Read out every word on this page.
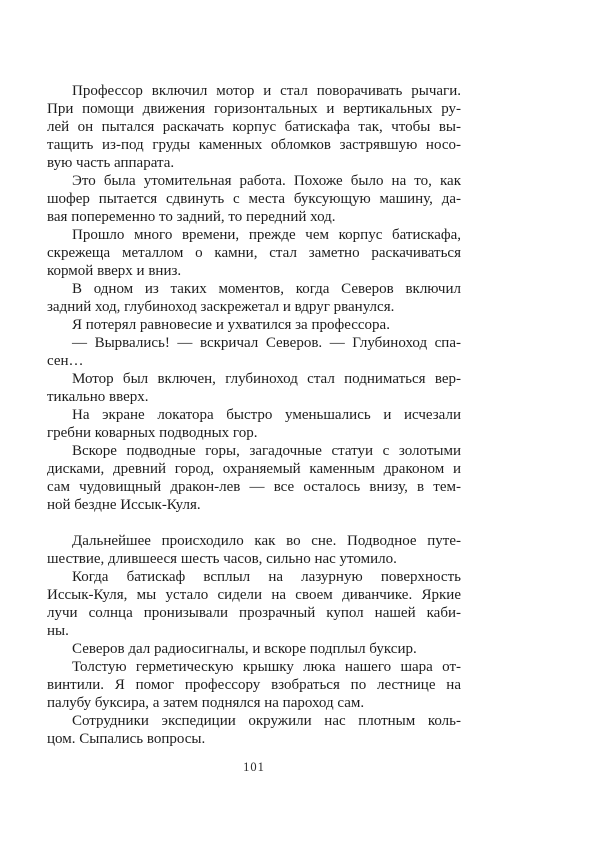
Профессор включил мотор и стал поворачивать рычаги.
При помощи движения горизонтальных и вертикальных ру-
лей он пытался раскачать корпус батискафа так, чтобы вы-
тащить из-под груды каменных обломков застрявшую носо-
вую часть аппарата.
Это была утомительная работа. Похоже было на то, как
шофер пытается сдвинуть с места буксующую машину, да-
вая попеременно то задний, то передний ход.
Прошло много времени, прежде чем корпус батискафа,
скрежеща металлом о камни, стал заметно раскачиваться
кормой вверх и вниз.
В одном из таких моментов, когда Северов включил
задний ход, глубиноход заскрежетал и вдруг рванулся.
Я потерял равновесие и ухватился за профессора.
— Вырвались! — вскричал Северов. — Глубиноход спа-
сен…
Мотор был включен, глубиноход стал подниматься вер-
тикально вверх.
На экране локатора быстро уменьшались и исчезали
гребни коварных подводных гор.
Вскоре подводные горы, загадочные статуи с золотыми
дисками, древний город, охраняемый каменным драконом и
сам чудовищный дракон-лев — все осталось внизу, в тем-
ной бездне Иссык-Куля.
Дальнейшее происходило как во сне. Подводное путе-
шествие, длившееся шесть часов, сильно нас утомило.
Когда батискаф всплыл на лазурную поверхность
Иссык-Куля, мы устало сидели на своем диванчике. Яркие
лучи солнца пронизывали прозрачный купол нашей каби-
ны.
Северов дал радиосигналы, и вскоре подплыл буксир.
Толстую герметическую крышку люка нашего шара от-
винтили. Я помог профессору взобраться по лестнице на
палубу буксира, а затем поднялся на пароход сам.
Сотрудники экспедиции окружили нас плотным коль-
цом. Сыпались вопросы.
101
